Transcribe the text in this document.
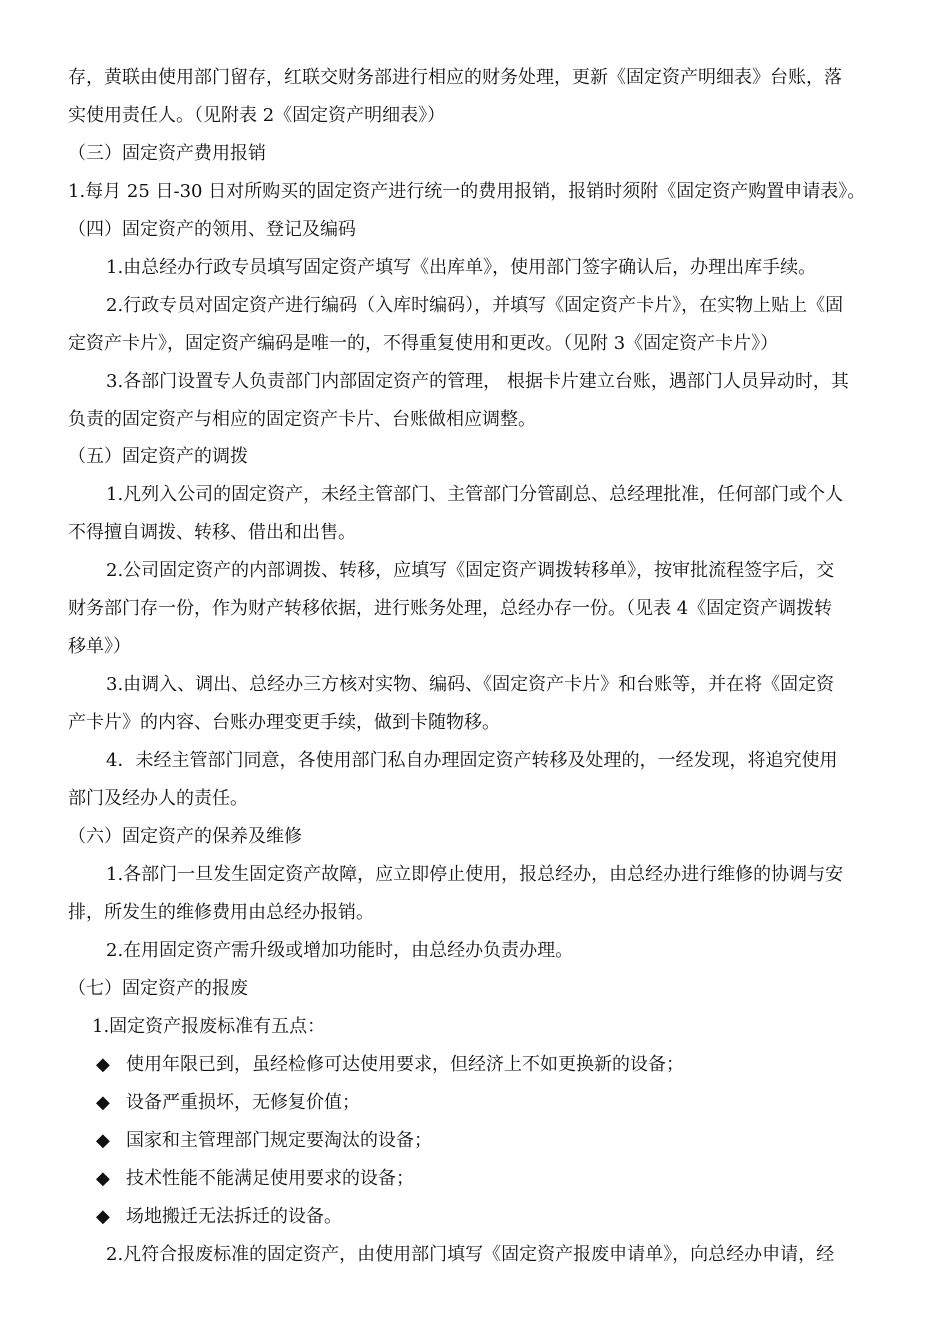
存，黄联由使用部门留存，红联交财务部进行相应的财务处理，更新《固定资产明细表》台账，落
实使用责任人。（见附表 2《固定资产明细表》）
（三）固定资产费用报销
1.每月 25 日-30 日对所购买的固定资产进行统一的费用报销，报销时须附《固定资产购置申请表》。
（四）固定资产的领用、登记及编码
1.由总经办行政专员填写固定资产填写《出库单》，使用部门签字确认后，办理出库手续。
2.行政专员对固定资产进行编码（入库时编码），并填写《固定资产卡片》，在实物上贴上《固
定资产卡片》，固定资产编码是唯一的，不得重复使用和更改。（见附 3《固定资产卡片》）
3.各部门设置专人负责部门内部固定资产的管理， 根据卡片建立台账，遇部门人员异动时，其
负责的固定资产与相应的固定资产卡片、台账做相应调整。
（五）固定资产的调拨
1.凡列入公司的固定资产，未经主管部门、主管部门分管副总、总经理批准，任何部门或个人
不得擅自调拨、转移、借出和出售。
2.公司固定资产的内部调拨、转移，应填写《固定资产调拨转移单》，按审批流程签字后，交
财务部门存一份，作为财产转移依据，进行账务处理，总经办存一份。（见表 4《固定资产调拨转
移单》）
3.由调入、调出、总经办三方核对实物、编码、《固定资产卡片》和台账等，并在将《固定资
产卡片》的内容、台账办理变更手续，做到卡随物移。
4．未经主管部门同意，各使用部门私自办理固定资产转移及处理的，一经发现，将追究使用
部门及经办人的责任。
（六）固定资产的保养及维修
1.各部门一旦发生固定资产故障，应立即停止使用，报总经办，由总经办进行维修的协调与安
排，所发生的维修费用由总经办报销。
2.在用固定资产需升级或增加功能时，由总经办负责办理。
（七）固定资产的报废
1.固定资产报废标准有五点：
◆ 使用年限已到，虽经检修可达使用要求，但经济上不如更换新的设备；
◆ 设备严重损坏，无修复价值；
◆ 国家和主管理部门规定要淘汰的设备；
◆ 技术性能不能满足使用要求的设备；
◆ 场地搬迁无法拆迁的设备。
2.凡符合报废标准的固定资产，由使用部门填写《固定资产报废申请单》，向总经办申请，经
